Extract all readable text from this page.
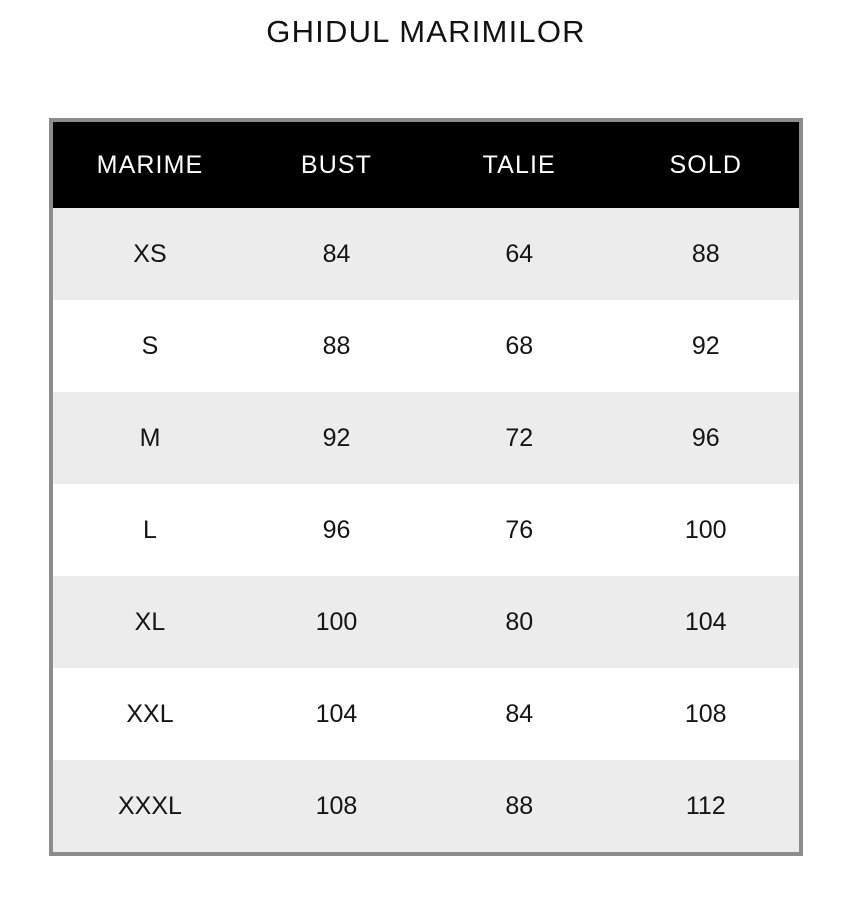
GHIDUL MARIMILOR
MARIME	BUST	TALIE	SOLD
XS	84	64	88
S	88	68	92
M	92	72	96
L	96	76	100
XL	100	80	104
XXL	104	84	108
XXXL	108	88	112
